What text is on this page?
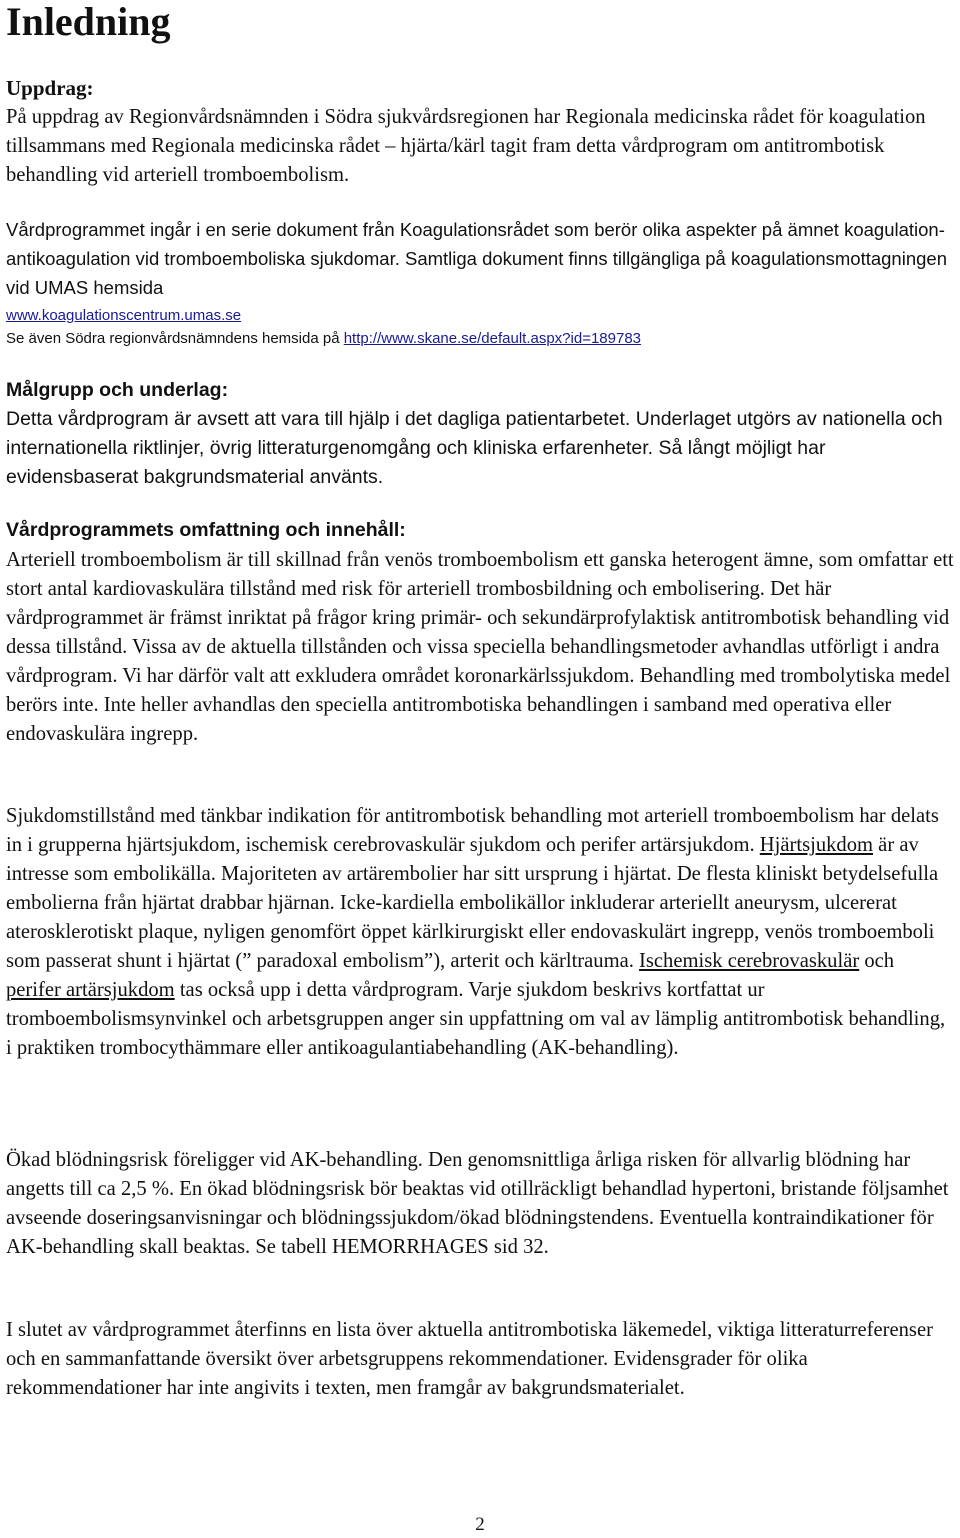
Inledning
Uppdrag:

På uppdrag av Regionvårdsnämnden i Södra sjukvårdsregionen har Regionala medicinska rådet för koagulation tillsammans med Regionala medicinska rådet – hjärta/kärl tagit fram detta vårdprogram om antitrombotisk behandling vid arteriell tromboembolism.

Vårdprogrammet ingår i en serie dokument från Koagulationsrådet som berör olika aspekter på ämnet koagulation-antikoagulation vid tromboemboliska sjukdomar. Samtliga dokument finns tillgängliga på koagulationsmottagningen vid UMAS hemsida

www.koagulationscentrum.umas.se
Se även Södra regionvårdsnämndens hemsida på http://www.skane.se/default.aspx?id=189783
Målgrupp och underlag:

Detta vårdprogram är avsett att vara till hjälp i det dagliga patientarbetet. Underlaget utgörs av nationella och internationella riktlinjer, övrig litteraturgenomgång och kliniska erfarenheter. Så långt möjligt har evidensbaserat bakgrundsmaterial använts.

Vårdprogrammets omfattning och innehåll:

Arteriell tromboembolism är till skillnad från venös tromboembolism ett ganska heterogent ämne, som omfattar ett stort antal kardiovaskulära tillstånd med risk för arteriell trombosbildning och embolisering. Det här vårdprogrammet är främst inriktat på frågor kring primär- och sekundärprofylaktisk antitrombotisk behandling vid dessa tillstånd. Vissa av de aktuella tillstånden och vissa speciella behandlingsmetoder avhandlas utförligt i andra vårdprogram. Vi har därför valt att exkludera området koronarkärlssjukdom. Behandling med trombolytiska medel berörs inte. Inte heller avhandlas den speciella antitrombotiska behandlingen i samband med operativa eller endovaskulära ingrepp.

Sjukdomstillstånd med tänkbar indikation för antitrombotisk behandling mot arteriell tromboembolism har delats in i grupperna hjärtsjukdom, ischemisk cerebrovaskulär sjukdom och perifer artärsjukdom. Hjärtsjukdom är av intresse som embolikälla. Majoriteten av artärembolier har sitt ursprung i hjärtat. De flesta kliniskt betydelsefulla embolierna från hjärtat drabbar hjärnan. Icke-kardiella embolikällor inkluderar arteriellt aneurysm, ulcererat aterosklerotiskt plaque, nyligen genomfört öppet kärlkirurgiskt eller endovaskulärt ingrepp, venös tromboemboli som passerat shunt i hjärtat (” paradoxal embolism”), arterit och kärltrauma. Ischemisk cerebrovaskulär och perifer artärsjukdom tas också upp i detta vårdprogram. Varje sjukdom beskrivs kortfattat ur tromboembolismsynvinkel och arbetsgruppen anger sin uppfattning om val av lämplig antitrombotisk behandling, i praktiken trombocythämmare eller antikoagulantiabehandling (AK-behandling).

Ökad blödningsrisk föreligger vid AK-behandling. Den genomsnittliga årliga risken för allvarlig blödning har angetts till ca 2,5 %. En ökad blödningsrisk bör beaktas vid otillräckligt behandlad hypertoni, bristande följsamhet avseende doseringsanvisningar och blödningssjukdom/ökad blödningstendens. Eventuella kontraindikationer för AK-behandling skall beaktas. Se tabell HEMORRHAGES sid 32.

I slutet av vårdprogrammet återfinns en lista över aktuella antitrombotiska läkemedel, viktiga litteraturreferenser och en sammanfattande översikt över arbetsgruppens rekommendationer. Evidensgrader för olika rekommendationer har inte angivits i texten, men framgår av bakgrundsmaterialet.

2
